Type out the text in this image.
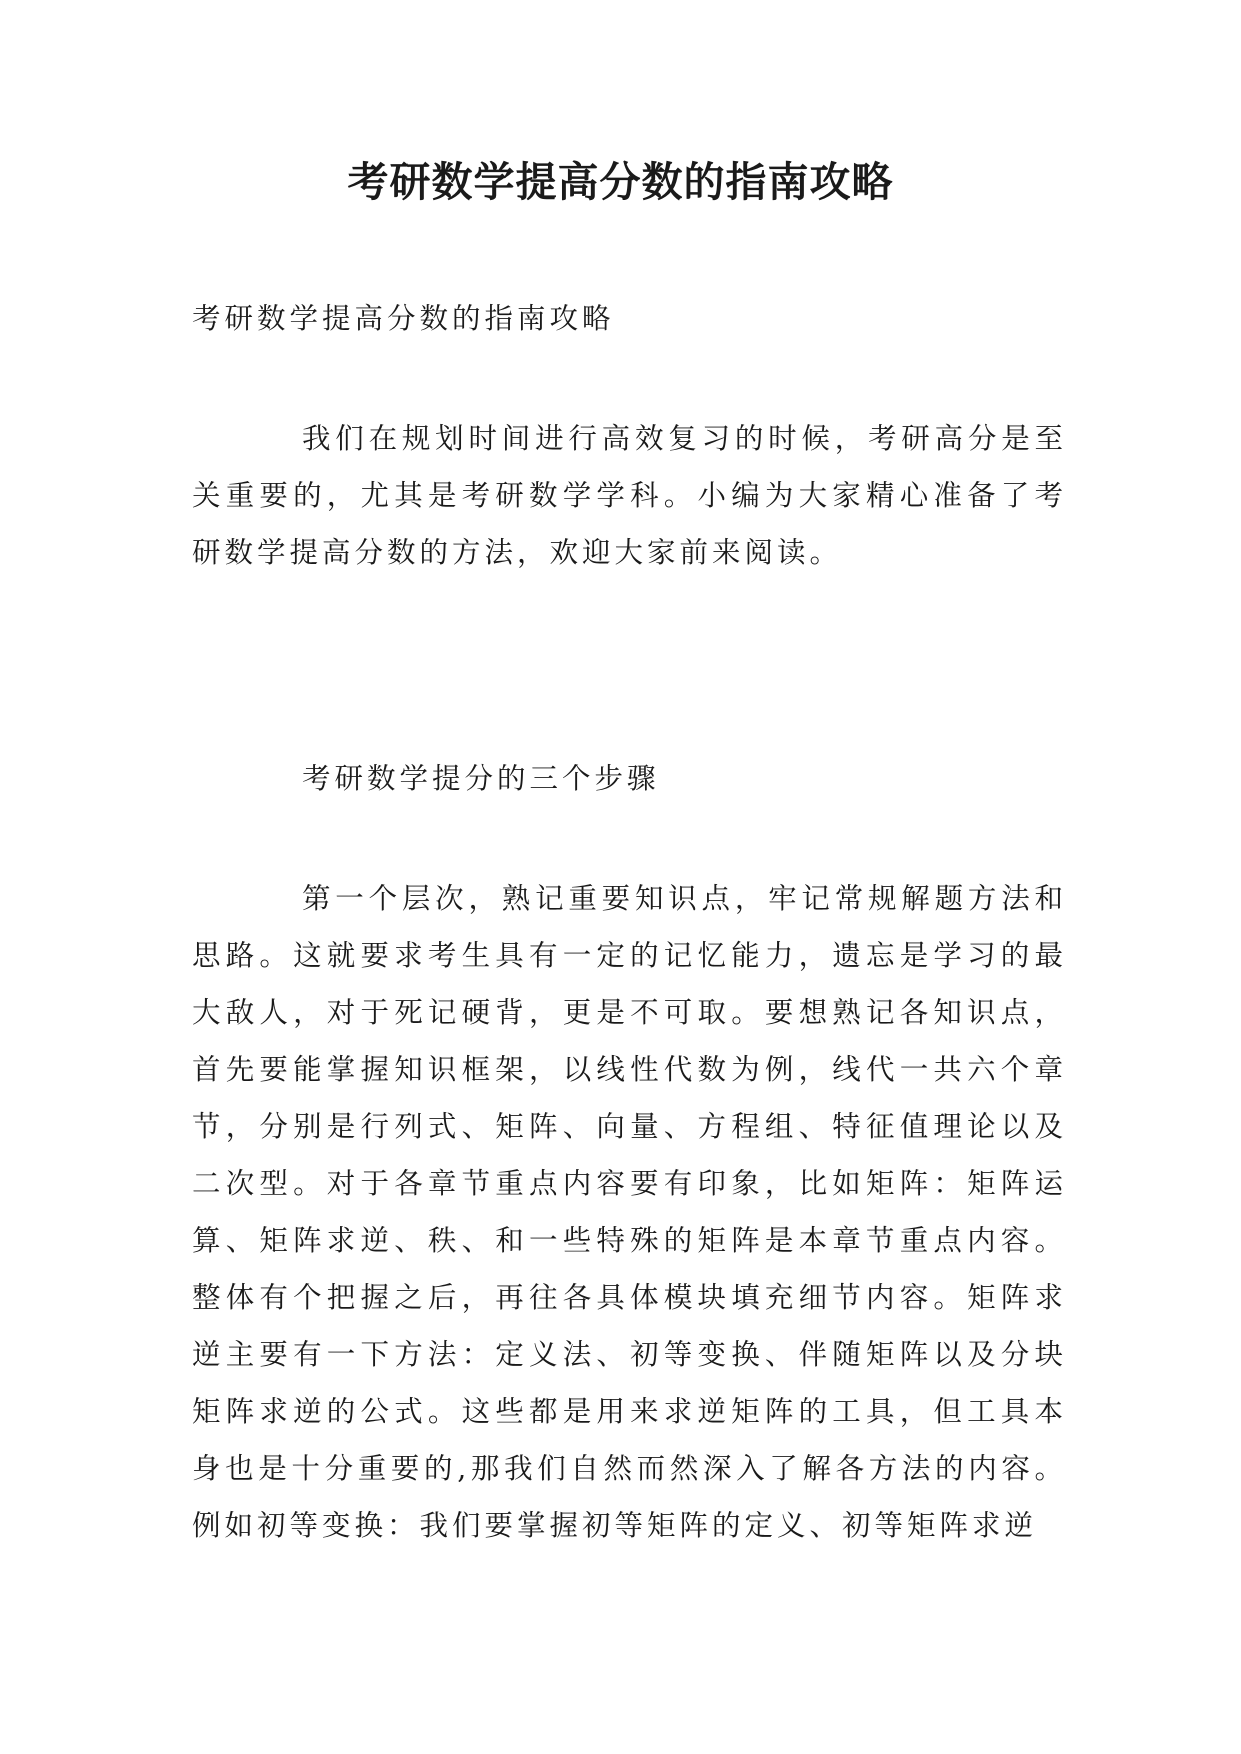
考研数学提高分数的指南攻略

考研数学提高分数的指南攻略

我们在规划时间进行高效复习的时候，考研高分是至关重要的，尤其是考研数学学科。小编为大家精心准备了考研数学提高分数的方法，欢迎大家前来阅读。

考研数学提分的三个步骤

第一个层次，熟记重要知识点，牢记常规解题方法和思路。这就要求考生具有一定的记忆能力，遗忘是学习的最大敌人，对于死记硬背，更是不可取。要想熟记各知识点，首先要能掌握知识框架，以线性代数为例，线代一共六个章节，分别是行列式、矩阵、向量、方程组、特征值理论以及二次型。对于各章节重点内容要有印象，比如矩阵：矩阵运算、矩阵求逆、秩、和一些特殊的矩阵是本章节重点内容。整体有个把握之后，再往各具体模块填充细节内容。矩阵求逆主要有一下方法：定义法、初等变换、伴随矩阵以及分块矩阵求逆的公式。这些都是用来求逆矩阵的工具，但工具本身也是十分重要的,那我们自然而然深入了解各方法的内容。例如初等变换：我们要掌握初等矩阵的定义、初等矩阵求逆
